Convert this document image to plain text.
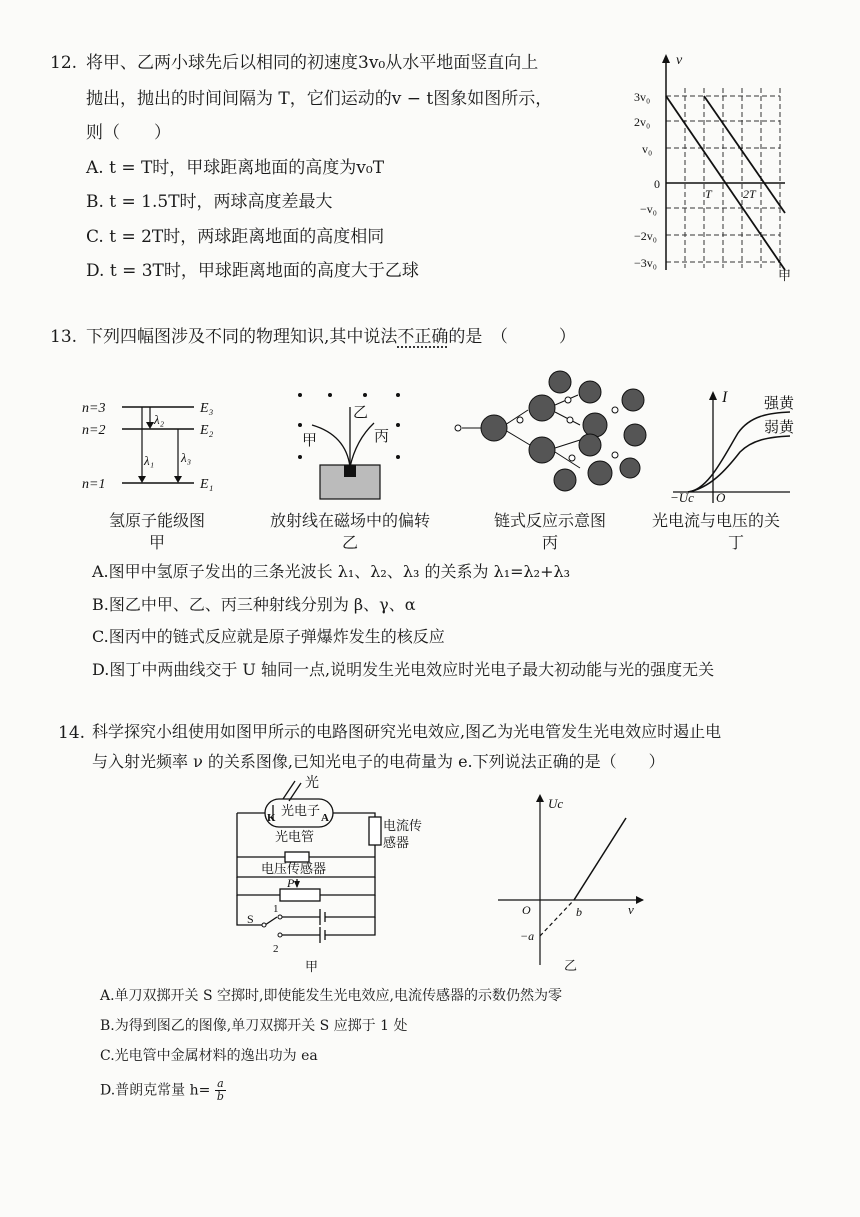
12. 将甲、乙两小球先后以相同的初速度3v₀从水平地面竖直向上
抛出，抛出的时间间隔为 T，它们运动的v − t图象如图所示，
则（　　）
A. t = T时，甲球距离地面的高度为v₀T
B. t = 1.5T时，两球高度差最大
C. t = 2T时，两球距离地面的高度相同
D. t = 3T时，甲球距离地面的高度大于乙球
v
3v₀
2v₀
v₀
0
−v₀
−2v₀
−3v₀
T	2T
甲
13. 下列四幅图涉及不同的物理知识,其中说法不正确的是　（　　　）
n=3
n=2
n=1
E₃
E₂
E₁
λ₂
λ₁ λ₃
氢原子能级图
甲
乙
甲	丙
放射线在磁场中的偏转
乙
链式反应示意图
丙
I 强黄
弱黄
−Uc O
光电流与电压的关
丁
A.图甲中氢原子发出的三条光波长 λ₁、λ₂、λ₃ 的关系为 λ₁=λ₂+λ₃
B.图乙中甲、乙、丙三种射线分别为 β、γ、α
C.图丙中的链式反应就是原子弹爆炸发生的核反应
D.图丁中两曲线交于 U 轴同一点,说明发生光电效应时光电子最大初动能与光的强度无关
14. 科学探究小组使用如图甲所示的电路图研究光电效应,图乙为光电管发生光电效应时遏止电
与入射光频率 ν 的关系图像,已知光电子的电荷量为 e.下列说法正确的是（　　）
光
光电子
K	A
光电管
电流传
感器
电压传感器
P
S
1
2
甲
Uc
ν
O	b
−a
乙
A.单刀双掷开关 S 空掷时,即使能发生光电效应,电流传感器的示数仍然为零
B.为得到图乙的图像,单刀双掷开关 S 应掷于 1 处
C.光电管中金属材料的逸出功为 ea
D.普朗克常量 $h= \frac{a}{b}$
